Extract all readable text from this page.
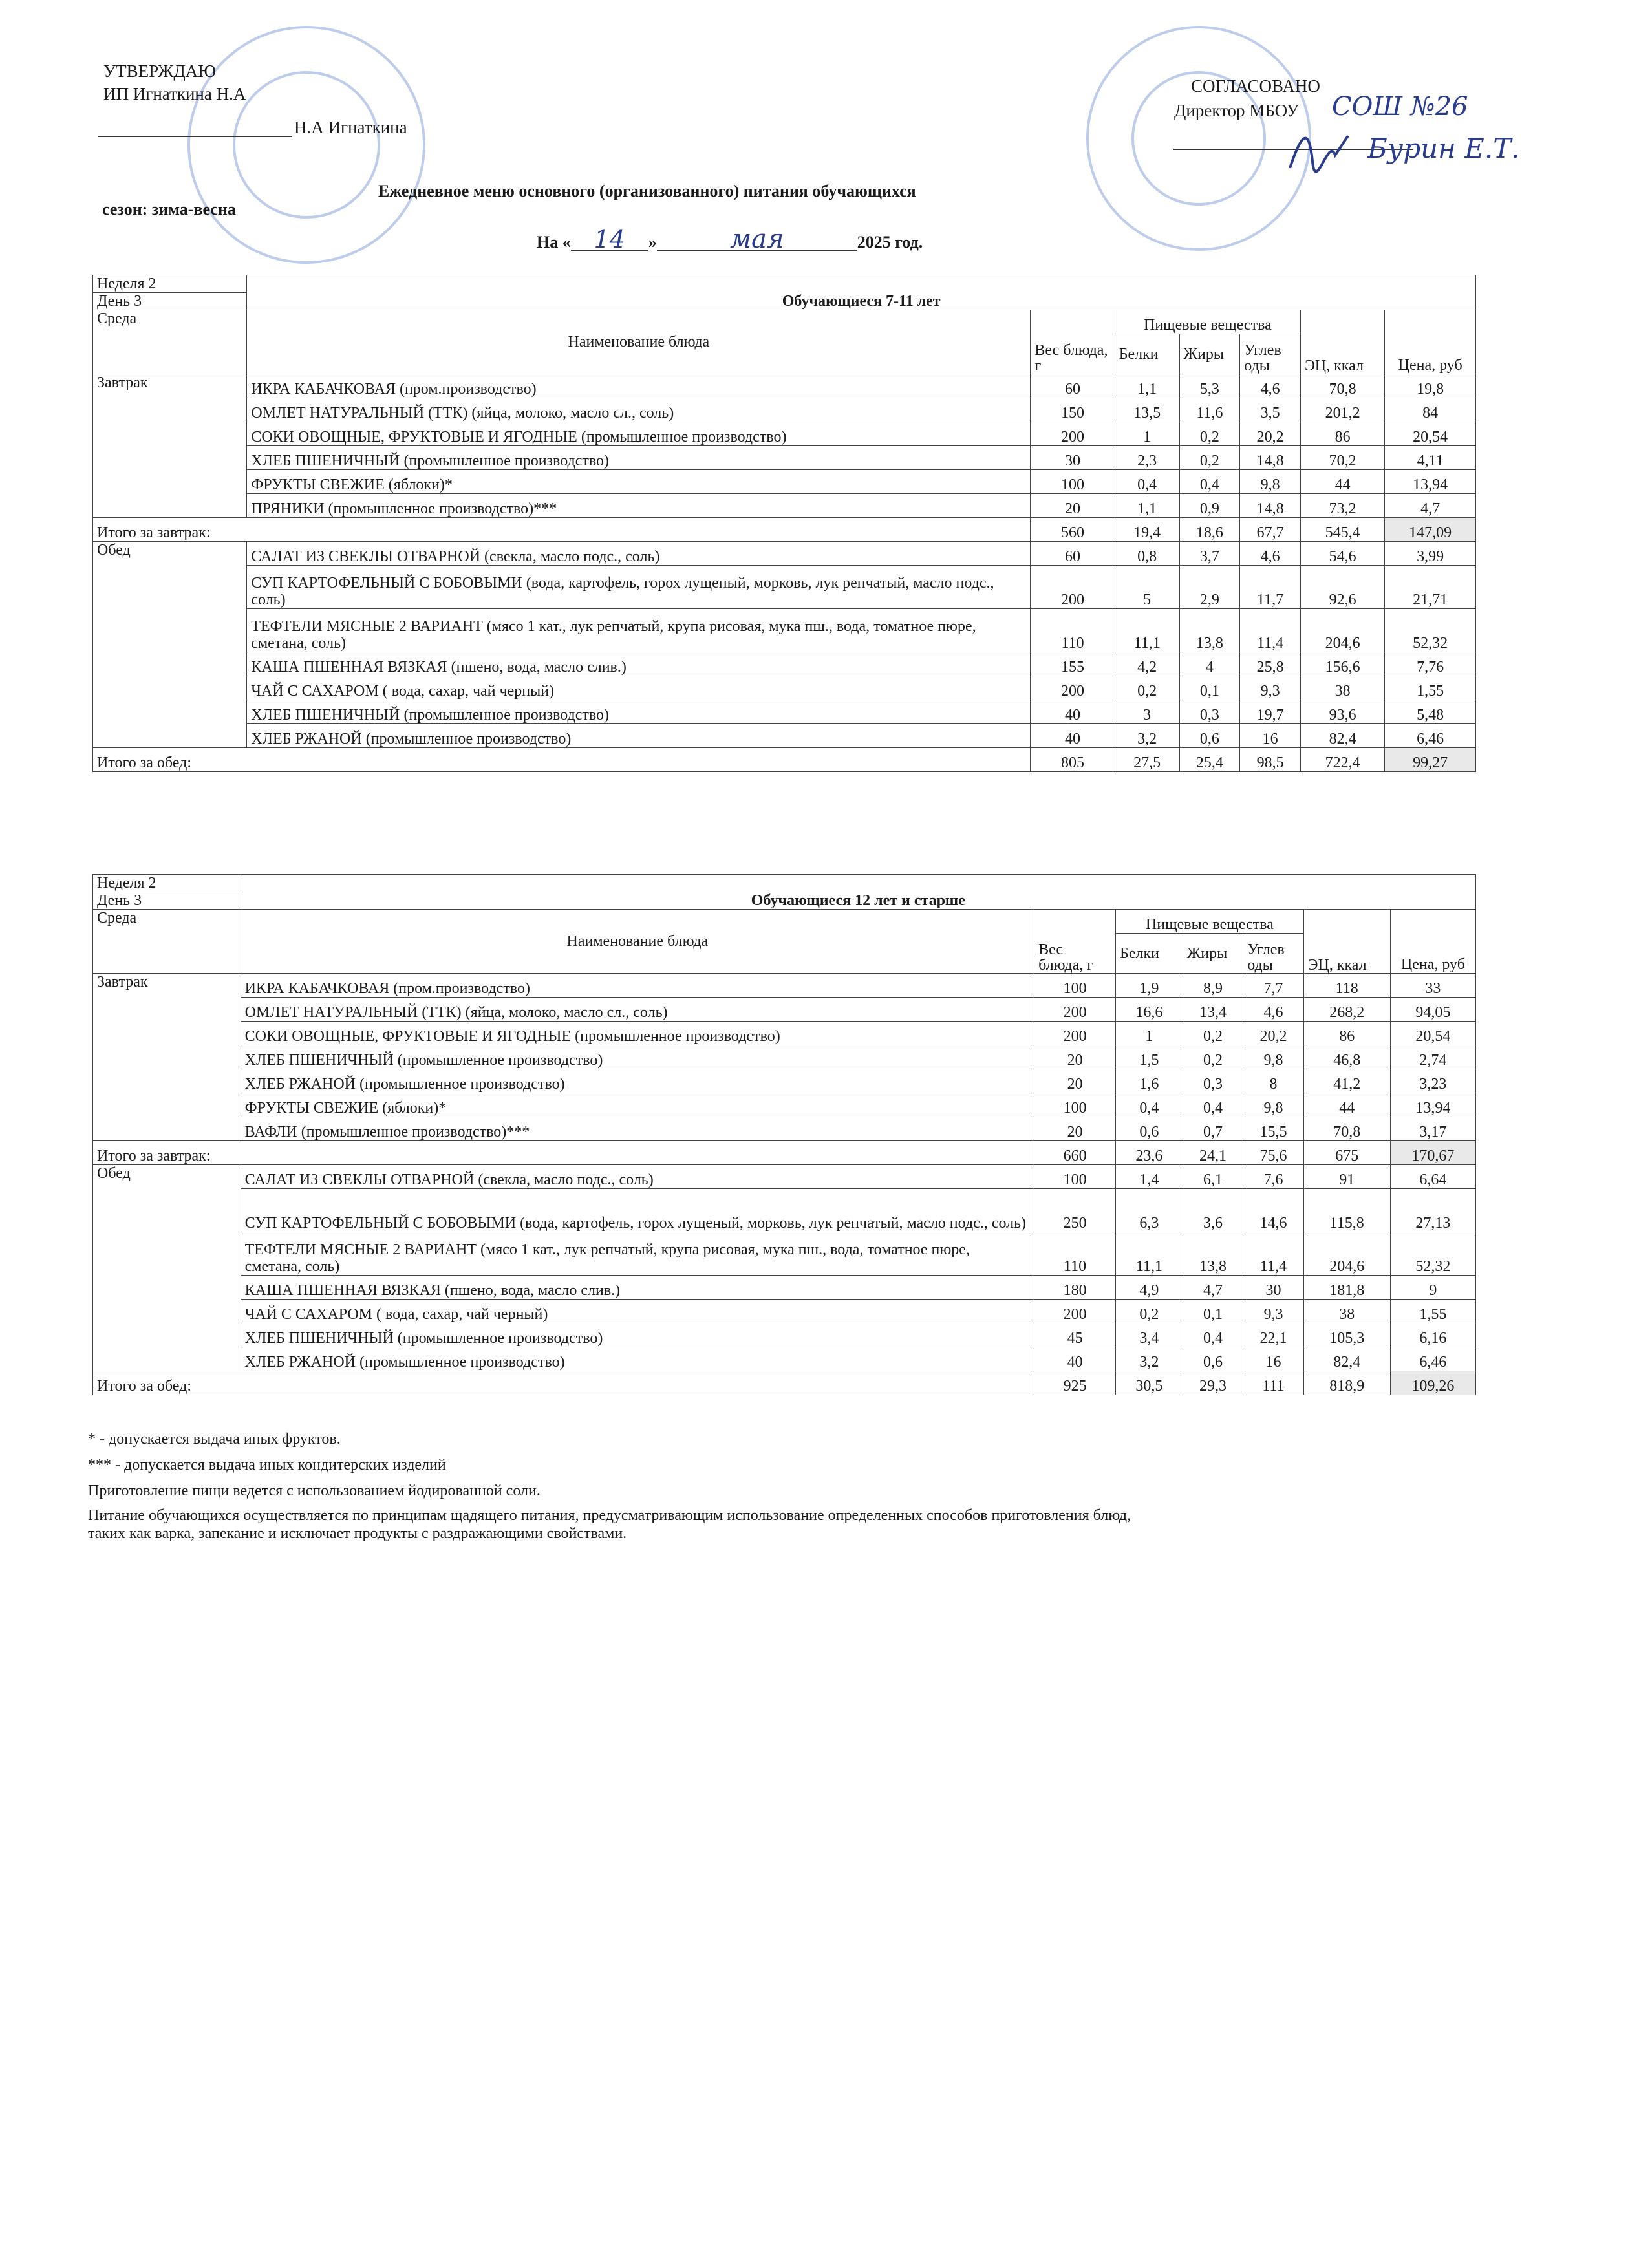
УТВЕРЖДАЮ
ИП Игнаткина Н.А
Н.А Игнаткина
СОГЛАСОВАНО
Директор МБОУ СОШ №26
Бурин Е.Т.
Ежедневное меню основного (организованного) питания обучающихся
сезон: зима-весна
На « 14 »	мая	2025 год.
Неделя 2	Обучающиеся 7-11 лет						
День 3							
Среда	Наименование блюда	Вес блюда, г	Пищевые вещества			ЭЦ, ккал	Цена, руб
			Белки	Жиры	Углев оды		
Завтрак	ИКРА КАБАЧКОВАЯ (пром.производство)	60	1,1	5,3	4,6	70,8	19,8
	ОМЛЕТ НАТУРАЛЬНЫЙ (ТТК) (яйца, молоко, масло сл., соль)	150	13,5	11,6	3,5	201,2	84
	СОКИ ОВОЩНЫЕ, ФРУКТОВЫЕ И ЯГОДНЫЕ (промышленное производство)	200	1	0,2	20,2	86	20,54
	ХЛЕБ ПШЕНИЧНЫЙ (промышленное производство)	30	2,3	0,2	14,8	70,2	4,11
	ФРУКТЫ СВЕЖИЕ (яблоки)*	100	0,4	0,4	9,8	44	13,94
	ПРЯНИКИ (промышленное производство)***	20	1,1	0,9	14,8	73,2	4,7
Итого за завтрак:		560	19,4	18,6	67,7	545,4	147,09
Обед	САЛАТ ИЗ СВЕКЛЫ ОТВАРНОЙ (свекла, масло подс., соль)	60	0,8	3,7	4,6	54,6	3,99
	СУП КАРТОФЕЛЬНЫЙ С БОБОВЫМИ (вода, картофель, горох лущеный, морковь, лук репчатый, масло подс., соль)	200	5	2,9	11,7	92,6	21,71
	ТЕФТЕЛИ МЯСНЫЕ 2 ВАРИАНТ (мясо 1 кат., лук репчатый, крупа рисовая, мука пш., вода, томатное пюре, сметана, соль)	110	11,1	13,8	11,4	204,6	52,32
	КАША ПШЕННАЯ ВЯЗКАЯ (пшено, вода, масло слив.)	155	4,2	4	25,8	156,6	7,76
	ЧАЙ С САХАРОМ ( вода, сахар, чай черный)	200	0,2	0,1	9,3	38	1,55
	ХЛЕБ ПШЕНИЧНЫЙ (промышленное производство)	40	3	0,3	19,7	93,6	5,48
	ХЛЕБ РЖАНОЙ (промышленное производство)	40	3,2	0,6	16	82,4	6,46
Итого за обед:		805	27,5	25,4	98,5	722,4	99,27
Неделя 2	Обучающиеся 12 лет и старше						
День 3							
Среда	Наименование блюда	Вес блюда, г	Пищевые вещества			ЭЦ, ккал	Цена, руб
			Белки	Жиры	Углев оды		
Завтрак	ИКРА КАБАЧКОВАЯ (пром.производство)	100	1,9	8,9	7,7	118	33
	ОМЛЕТ НАТУРАЛЬНЫЙ (ТТК) (яйца, молоко, масло сл., соль)	200	16,6	13,4	4,6	268,2	94,05
	СОКИ ОВОЩНЫЕ, ФРУКТОВЫЕ И ЯГОДНЫЕ (промышленное производство)	200	1	0,2	20,2	86	20,54
	ХЛЕБ ПШЕНИЧНЫЙ (промышленное производство)	20	1,5	0,2	9,8	46,8	2,74
	ХЛЕБ РЖАНОЙ (промышленное производство)	20	1,6	0,3	8	41,2	3,23
	ФРУКТЫ СВЕЖИЕ (яблоки)*	100	0,4	0,4	9,8	44	13,94
	ВАФЛИ (промышленное производство)***	20	0,6	0,7	15,5	70,8	3,17
Итого за завтрак:		660	23,6	24,1	75,6	675	170,67
Обед	САЛАТ ИЗ СВЕКЛЫ ОТВАРНОЙ (свекла, масло подс., соль)	100	1,4	6,1	7,6	91	6,64
	СУП КАРТОФЕЛЬНЫЙ С БОБОВЫМИ (вода, картофель, горох лущеный, морковь, лук репчатый, масло подс., соль)	250	6,3	3,6	14,6	115,8	27,13
	ТЕФТЕЛИ МЯСНЫЕ 2 ВАРИАНТ (мясо 1 кат., лук репчатый, крупа рисовая, мука пш., вода, томатное пюре, сметана, соль)	110	11,1	13,8	11,4	204,6	52,32
	КАША ПШЕННАЯ ВЯЗКАЯ (пшено, вода, масло слив.)	180	4,9	4,7	30	181,8	9
	ЧАЙ С САХАРОМ ( вода, сахар, чай черный)	200	0,2	0,1	9,3	38	1,55
	ХЛЕБ ПШЕНИЧНЫЙ (промышленное производство)	45	3,4	0,4	22,1	105,3	6,16
	ХЛЕБ РЖАНОЙ (промышленное производство)	40	3,2	0,6	16	82,4	6,46
Итого за обед:		925	30,5	29,3	111	818,9	109,26
* - допускается выдача иных фруктов.
*** - допускается выдача иных кондитерских изделий
Приготовление пищи ведется с использованием йодированной соли.
Питание обучающихся осуществляется по принципам щадящего питания, предусматривающим использование определенных способов приготовления блюд,
таких как варка, запекание и исключает продукты с раздражающими свойствами.
